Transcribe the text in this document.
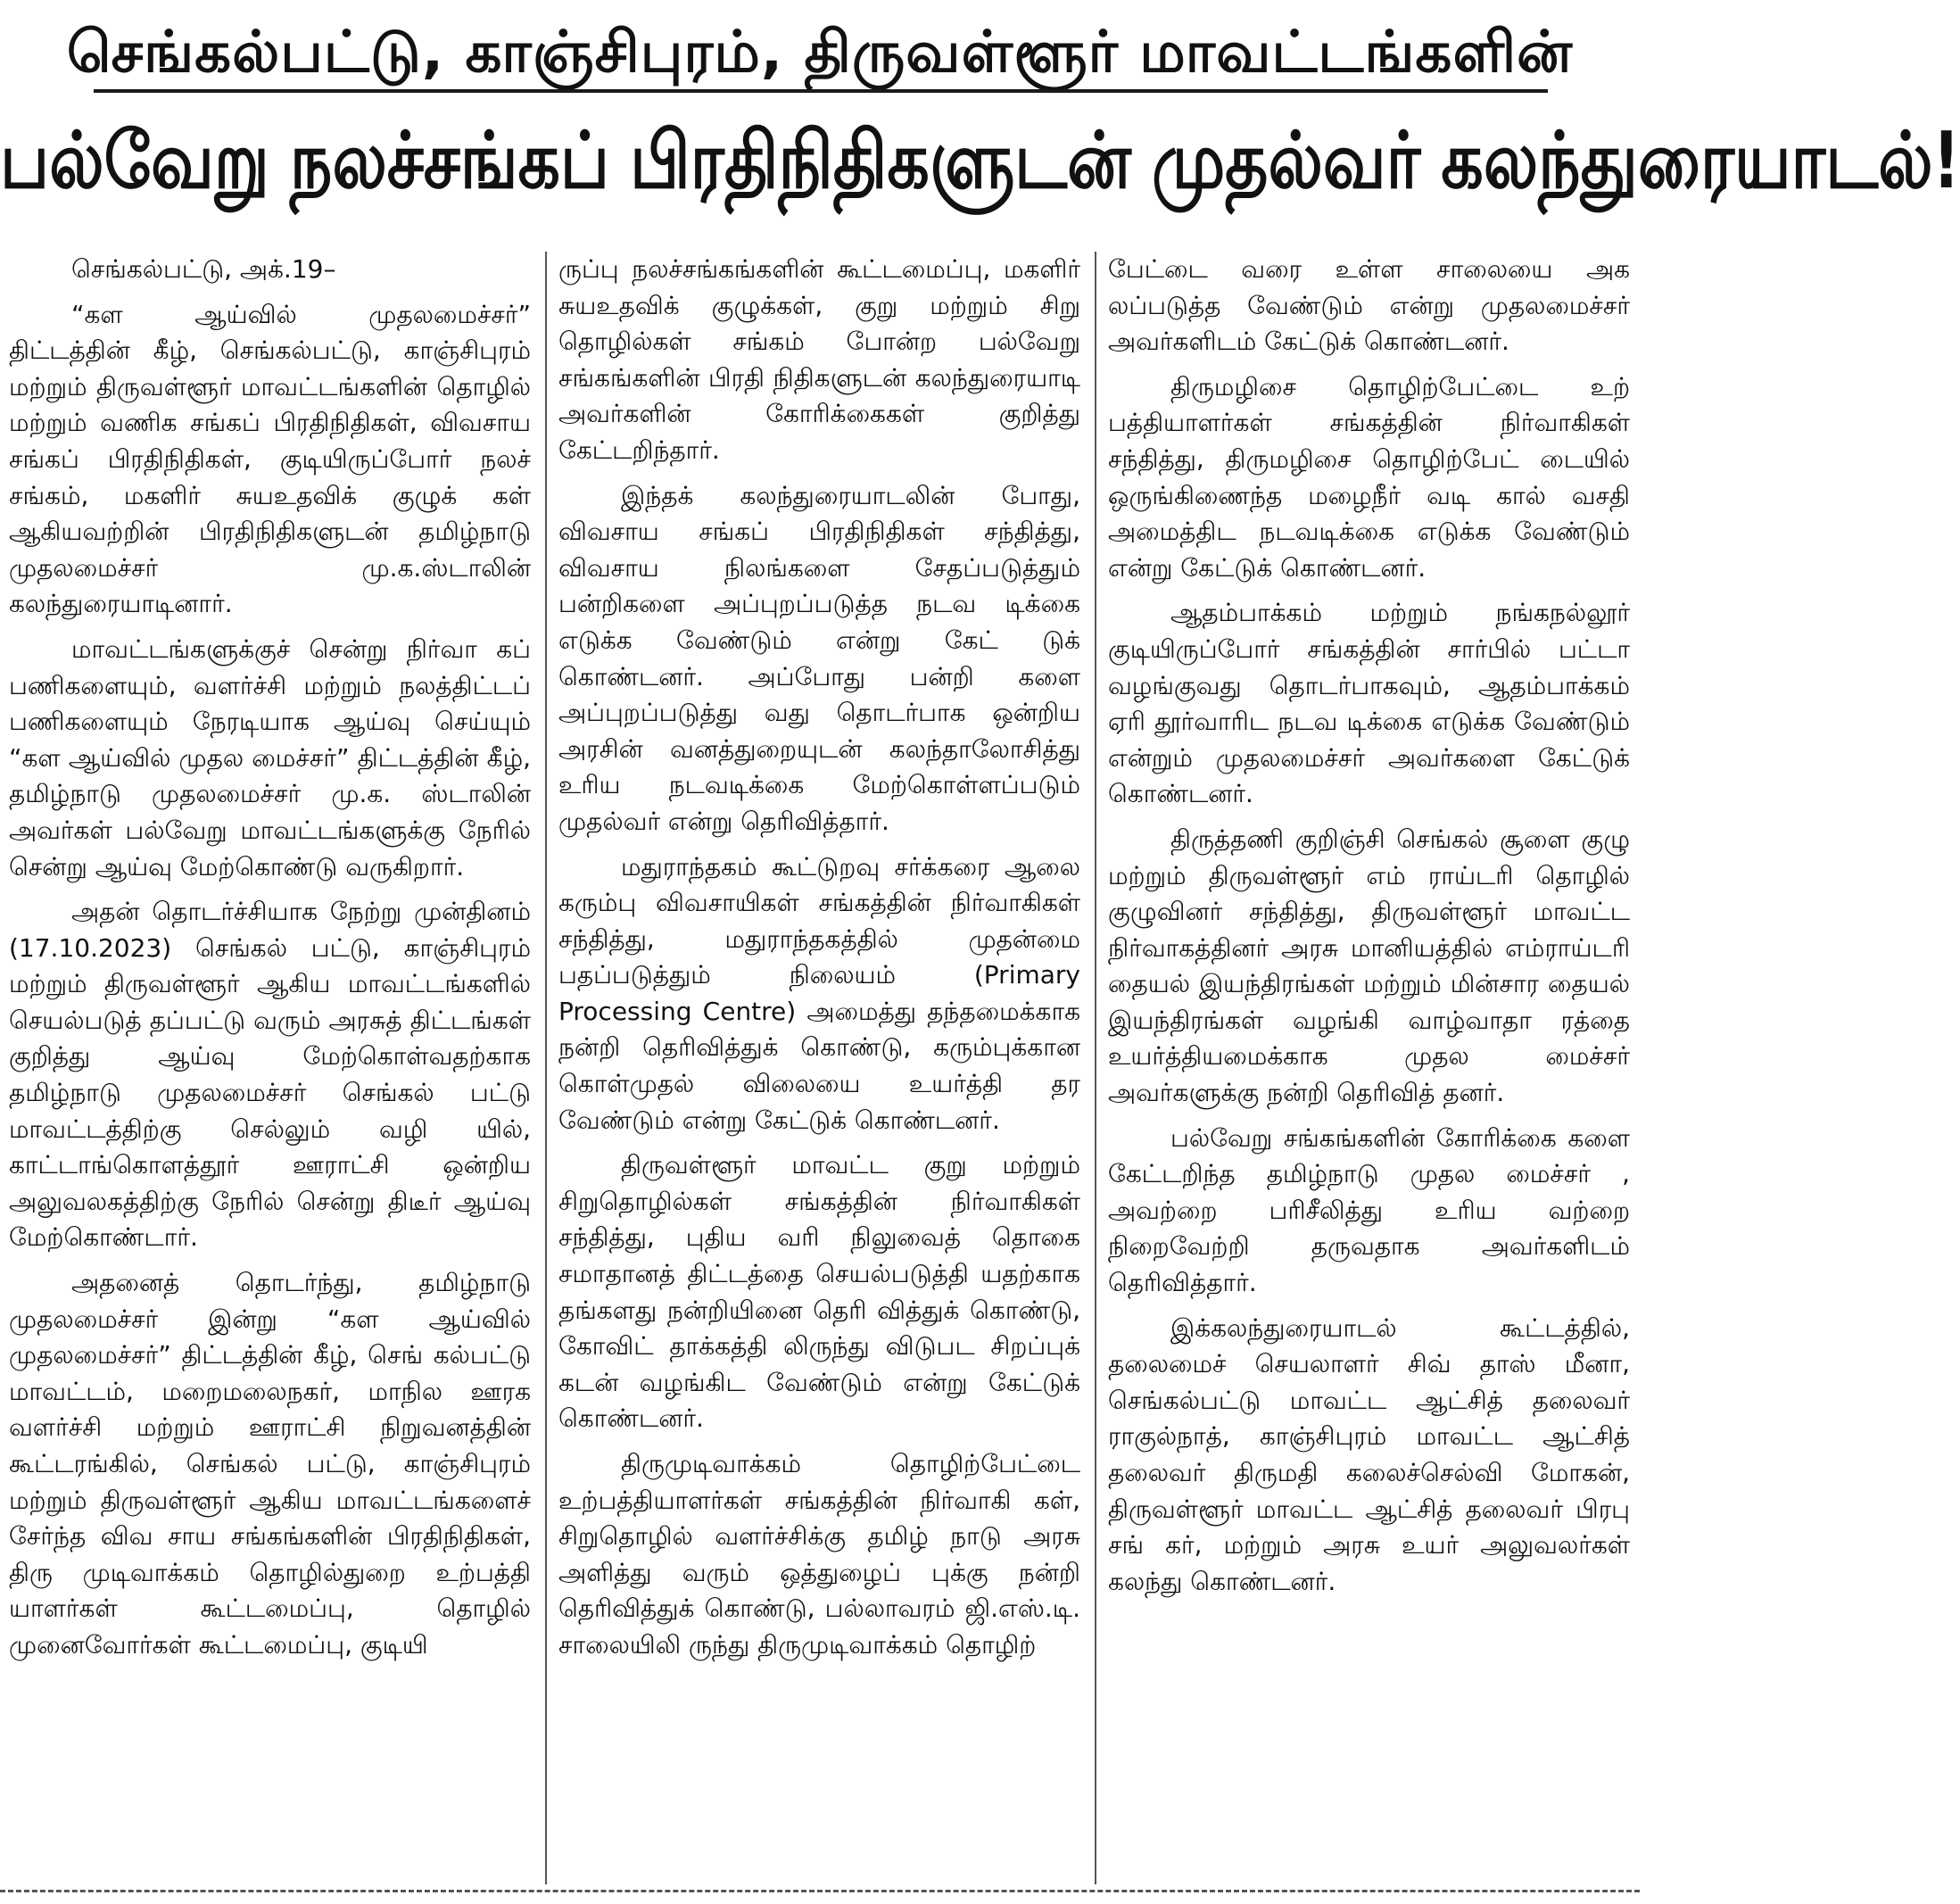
செங்கல்பட்டு, காஞ்சிபுரம், திருவள்ளூர் மாவட்டங்களின்
பல்வேறு நலச்சங்கப் பிரதிநிதிகளுடன் முதல்வர் கலந்துரையாடல்!

செங்கல்பட்டு, அக்.19–

“கள ஆய்வில் முதலமைச்சர்” திட்டத்தின் கீழ், செங்கல்பட்டு, காஞ்சிபுரம் மற்றும் திருவள்ளூர் மாவட்டங்களின் தொழில் மற்றும் வணிக சங்கப் பிரதிநிதிகள், விவசாய சங்கப் பிரதிநிதிகள், குடியிருப்போர் நலச் சங்கம், மகளிர் சுயஉதவிக் குழுக் கள் ஆகியவற்றின் பிரதிநிதிகளுடன் தமிழ்நாடு முதலமைச்சர் மு.க.ஸ்டாலின் கலந்துரையாடினார்.

மாவட்டங்களுக்குச் சென்று நிர்வா கப் பணிகளையும், வளர்ச்சி மற்றும் நலத்திட்டப் பணிகளையும் நேரடியாக ஆய்வு செய்யும் “கள ஆய்வில் முதல மைச்சர்” திட்டத்தின் கீழ், தமிழ்நாடு முதலமைச்சர் மு.க. ஸ்டாலின் அவர்கள் பல்வேறு மாவட்டங்களுக்கு நேரில் சென்று ஆய்வு மேற்கொண்டு வருகிறார்.

அதன் தொடர்ச்சியாக நேற்று முன்தினம் (17.10.2023) செங்கல் பட்டு, காஞ்சிபுரம் மற்றும் திருவள்ளூர் ஆகிய மாவட்டங்களில் செயல்படுத் தப்பட்டு வரும் அரசுத் திட்டங்கள் குறித்து ஆய்வு மேற்கொள்வதற்காக தமிழ்நாடு முதலமைச்சர் செங்கல் பட்டு மாவட்டத்திற்கு செல்லும் வழி யில், காட்டாங்கொளத்தூர் ஊராட்சி ஒன்றிய அலுவலகத்திற்கு நேரில் சென்று திடீர் ஆய்வு மேற்கொண்டார்.

அதனைத் தொடர்ந்து, தமிழ்நாடு முதலமைச்சர் இன்று “கள ஆய்வில் முதலமைச்சர்” திட்டத்தின் கீழ், செங் கல்பட்டு மாவட்டம், மறைமலைநகர், மாநில ஊரக வளர்ச்சி மற்றும் ஊராட்சி நிறுவனத்தின் கூட்டரங்கில், செங்கல் பட்டு, காஞ்சிபுரம் மற்றும் திருவள்ளூர் ஆகிய மாவட்டங்களைச் சேர்ந்த விவ சாய சங்கங்களின் பிரதிநிதிகள், திரு முடிவாக்கம் தொழில்துறை உற்பத்தி யாளர்கள் கூட்டமைப்பு, தொழில் முனைவோர்கள் கூட்டமைப்பு, குடியி

ருப்பு நலச்சங்கங்களின் கூட்டமைப்பு, மகளிர் சுயஉதவிக் குழுக்கள், குறு மற்றும் சிறு தொழில்கள் சங்கம் போன்ற பல்வேறு சங்கங்களின் பிரதி நிதிகளுடன் கலந்துரையாடி அவர்களின் கோரிக்கைகள் குறித்து கேட்டறிந்தார்.

இந்தக் கலந்துரையாடலின் போது, விவசாய சங்கப் பிரதிநிதிகள் சந்தித்து, விவசாய நிலங்களை சேதப்படுத்தும் பன்றிகளை அப்புறப்படுத்த நடவ டிக்கை எடுக்க வேண்டும் என்று கேட் டுக் கொண்டனர். அப்போது பன்றி களை அப்புறப்படுத்து வது தொடர்பாக ஒன்றிய அரசின் வனத்துறையுடன் கலந்தாலோசித்து உரிய நடவடிக்கை மேற்கொள்ளப்படும் முதல்வர் என்று தெரிவித்தார்.

மதுராந்தகம் கூட்டுறவு சர்க்கரை ஆலை கரும்பு விவசாயிகள் சங்கத்தின் நிர்வாகிகள் சந்தித்து, மதுராந்தகத்தில் முதன்மை பதப்படுத்தும் நிலையம் (Primary Processing Centre) அமைத்து தந்தமைக்காக நன்றி தெரிவித்துக் கொண்டு, கரும்புக்கான கொள்முதல் விலையை உயர்த்தி தர வேண்டும் என்று கேட்டுக் கொண்டனர்.

திருவள்ளூர் மாவட்ட குறு மற்றும் சிறுதொழில்கள் சங்கத்தின் நிர்வாகிகள் சந்தித்து, புதிய வரி நிலுவைத் தொகை சமாதானத் திட்டத்தை செயல்படுத்தி யதற்காக தங்களது நன்றியினை தெரி வித்துக் கொண்டு, கோவிட் தாக்கத்தி லிருந்து விடுபட சிறப்புக் கடன் வழங்கிட வேண்டும் என்று கேட்டுக் கொண்டனர்.

திருமுடிவாக்கம் தொழிற்பேட்டை உற்பத்தியாளர்கள் சங்கத்தின் நிர்வாகி கள், சிறுதொழில் வளர்ச்சிக்கு தமிழ் நாடு அரசு அளித்து வரும் ஒத்துழைப் புக்கு நன்றி தெரிவித்துக் கொண்டு, பல்லாவரம் ஜி.எஸ்.டி. சாலையிலி ருந்து திருமுடிவாக்கம் தொழிற்

பேட்டை வரை உள்ள சாலையை அக லப்படுத்த வேண்டும் என்று முதலமைச்சர் அவர்களிடம் கேட்டுக் கொண்டனர்.

திருமழிசை தொழிற்பேட்டை உற் பத்தியாளர்கள் சங்கத்தின் நிர்வாகிகள் சந்தித்து, திருமழிசை தொழிற்பேட் டையில் ஒருங்கிணைந்த மழைநீர் வடி கால் வசதி அமைத்திட நடவடிக்கை எடுக்க வேண்டும் என்று கேட்டுக் கொண்டனர்.

ஆதம்பாக்கம் மற்றும் நங்கநல்லூர் குடியிருப்போர் சங்கத்தின் சார்பில் பட்டா வழங்குவது தொடர்பாகவும், ஆதம்பாக்கம் ஏரி தூர்வாரிட நடவ டிக்கை எடுக்க வேண்டும் என்றும் முதலமைச்சர் அவர்களை கேட்டுக் கொண்டனர்.

திருத்தணி குறிஞ்சி செங்கல் சூளை குழு மற்றும் திருவள்ளூர் எம் ராய்டரி தொழில் குழுவினர் சந்தித்து, திருவள்ளூர் மாவட்ட நிர்வாகத்தினர் அரசு மானியத்தில் எம்ராய்டரி தையல் இயந்திரங்கள் மற்றும் மின்சார தையல் இயந்திரங்கள் வழங்கி வாழ்வாதா ரத்தை உயர்த்தியமைக்காக முதல மைச்சர் அவர்களுக்கு நன்றி தெரிவித் தனர்.

பல்வேறு சங்கங்களின் கோரிக்கை களை கேட்டறிந்த தமிழ்நாடு முதல மைச்சர் , அவற்றை பரிசீலித்து உரிய வற்றை நிறைவேற்றி தருவதாக அவர்களிடம் தெரிவித்தார்.

இக்கலந்துரையாடல் கூட்டத்தில், தலைமைச் செயலாளர் சிவ் தாஸ் மீனா, செங்கல்பட்டு மாவட்ட ஆட்சித் தலைவர் ராகுல்நாத், காஞ்சிபுரம் மாவட்ட ஆட்சித் தலைவர் திருமதி கலைச்செல்வி மோகன், திருவள்ளூர் மாவட்ட ஆட்சித் தலைவர் பிரபு சங் கர், மற்றும் அரசு உயர் அலுவலர்கள் கலந்து கொண்டனர்.
